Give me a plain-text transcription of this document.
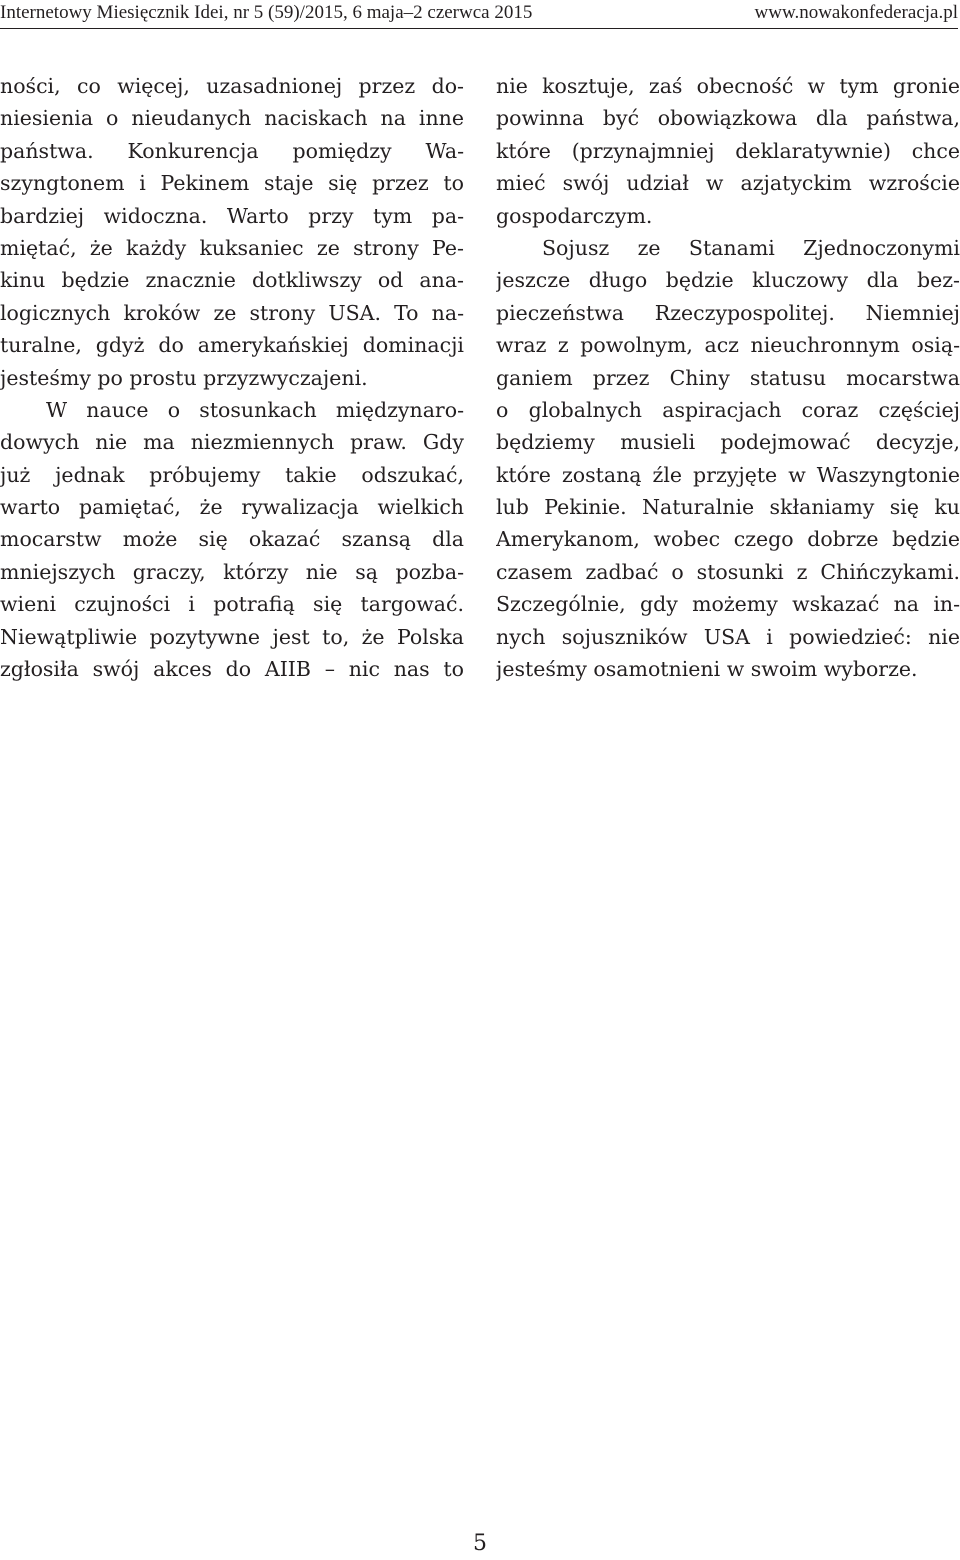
Internetowy Miesięcznik Idei, nr 5 (59)/2015, 6 maja–2 czerwca 2015	www.nowakonfederacja.pl
ności, co więcej, uzasadnionej przez do-
niesienia o nieudanych naciskach na inne
państwa. Konkurencja pomiędzy Wa-
szyngtonem i Pekinem staje się przez to
bardziej widoczna. Warto przy tym pa-
miętać, że każdy kuksaniec ze strony Pe-
kinu będzie znacznie dotkliwszy od ana-
logicznych kroków ze strony USA. To na-
turalne, gdyż do amerykańskiej dominacji
jesteśmy po prostu przyzwyczajeni.
W nauce o stosunkach międzynaro-
dowych nie ma niezmiennych praw. Gdy
już jednak próbujemy takie odszukać,
warto pamiętać, że rywalizacja wielkich
mocarstw może się okazać szansą dla
mniejszych graczy, którzy nie są pozba-
wieni czujności i potrafią się targować.
Niewątpliwie pozytywne jest to, że Polska
zgłosiła swój akces do AIIB – nic nas to
nie kosztuje, zaś obecność w tym gronie
powinna być obowiązkowa dla państwa,
które (przynajmniej deklaratywnie) chce
mieć swój udział w azjatyckim wzroście
gospodarczym.
Sojusz ze Stanami Zjednoczonymi
jeszcze długo będzie kluczowy dla bez-
pieczeństwa Rzeczypospolitej. Niemniej
wraz z powolnym, acz nieuchronnym osią-
ganiem przez Chiny statusu mocarstwa
o globalnych aspiracjach coraz częściej
będziemy musieli podejmować decyzje,
które zostaną źle przyjęte w Waszyngtonie
lub Pekinie. Naturalnie skłaniamy się ku
Amerykanom, wobec czego dobrze będzie
czasem zadbać o stosunki z Chińczykami.
Szczególnie, gdy możemy wskazać na in-
nych sojuszników USA i powiedzieć: nie
jesteśmy osamotnieni w swoim wyborze.
5
